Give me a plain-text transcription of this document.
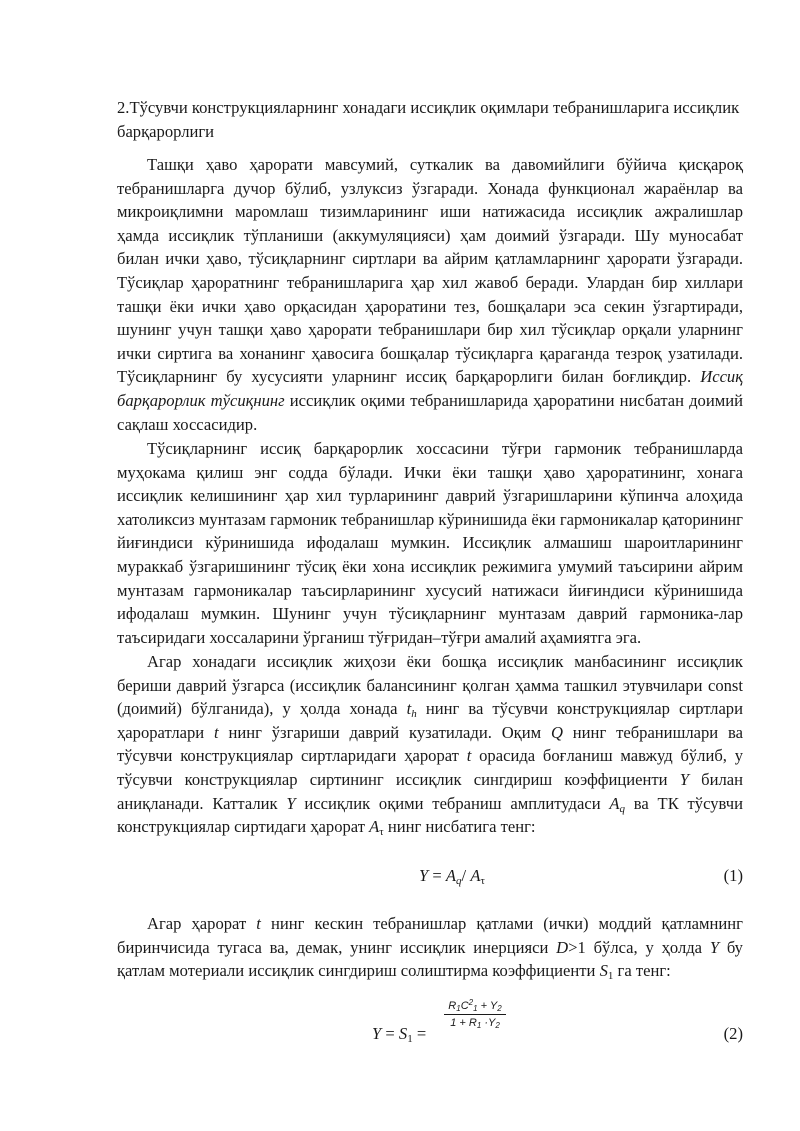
2.Тўсувчи конструкцияларнинг хонадаги иссиқлик оқимлари тебранишларига иссиқлик барқарорлиги

Ташқи ҳаво ҳарорати мавсумий, суткалик ва давомийлиги бўйича қисқароқ тебранишларга дучор бўлиб, узлуксиз ўзгаради. Хонада функционал жараёнлар ва микроиқлимни маромлаш тизимларининг иши натижасида иссиқлик ажралишлар ҳамда иссиқлик тўпланиши (аккумуляцияси) ҳам доимий ўзгаради. Шу муносабат билан ички ҳаво, тўсиқларнинг сиртлари ва айрим қатламларнинг ҳарорати ўзгаради. Тўсиқлар ҳароратнинг тебранишларига ҳар хил жавоб беради. Улардан бир хиллари ташқи ёки ички ҳаво орқасидан ҳароратини тез, бошқалари эса секин ўзгартиради, шунинг учун ташқи ҳаво ҳарорати тебранишлари бир хил тўсиқлар орқали уларнинг ички сиртига ва хонанинг ҳавосига бошқалар тўсиқларга қараганда тезроқ узатилади. Тўсиқларнинг бу хусусияти уларнинг иссиқ барқарорлиги билан боғлиқдир. Иссиқ барқарорлик тўсиқнинг иссиқлик оқими тебранишларида ҳароратини нисбатан доимий сақлаш хоссасидир.

Тўсиқларнинг иссиқ барқарорлик хоссасини тўғри гармоник тебранишларда муҳокама қилиш энг содда бўлади. Ички ёки ташқи ҳаво ҳароратининг, хонага иссиқлик келишининг ҳар хил турларининг даврий ўзгаришларини кўпинча алоҳида хатоликсиз мунтазам гармоник тебранишлар кўринишида ёки гармоникалар қаторининг йиғиндиси кўринишида ифодалаш мумкин. Иссиқлик алмашиш шароитларининг мураккаб ўзгаришининг тўсиқ ёки хона иссиқлик режимига умумий таъсирини айрим мунтазам гармоникалар таъсирларининг хусусий натижаси йиғиндиси кўринишида ифодалаш мумкин. Шунинг учун тўсиқларнинг мунтазам даврий гармоника-лар таъсиридаги хоссаларини ўрганиш тўғридан–тўғри амалий аҳамиятга эга.

Агар хонадаги иссиқлик жиҳози ёки бошқа иссиқлик манбасининг иссиқлик бериши даврий ўзгарса (иссиқлик балансининг қолган ҳамма ташкил этувчилари const (доимий) бўлганида), у ҳолда хонада $t_h$ нинг ва тўсувчи конструкциялар сиртлари ҳароратлари t нинг ўзгариши даврий кузатилади. Оқим Q нинг тебранишлари ва тўсувчи конструкциялар сиртларидаги ҳарорат t орасида боғланиш мавжуд бўлиб, у тўсувчи конструкциялар сиртининг иссиқлик сингдириш коэффициенти Y билан аниқланади. Катталик Y иссиқлик оқими тебраниш амплитудаси $A_q$ ва ТК тўсувчи конструкциялар сиртидаги ҳарорат $A_\tau$ нинг нисбатига тенг:

$Y = A_q/$ $A_\tau$	(1)

Агар ҳарорат t нинг кескин тебранишлар қатлами (ички) моддий қатламнинг биринчисида тугаса ва, демак, унинг иссиқлик инерцияси D>1 бўлса, у ҳолда Y бу қатлам мотериали иссиқлик сингдириш солиштирма коэффициенти $S_1$ га тенг:

$Y = S_1$ =	(2)
$\frac{R_1C^2_1 + Y_2}{1 + R_1 \cdot Y_2}$
